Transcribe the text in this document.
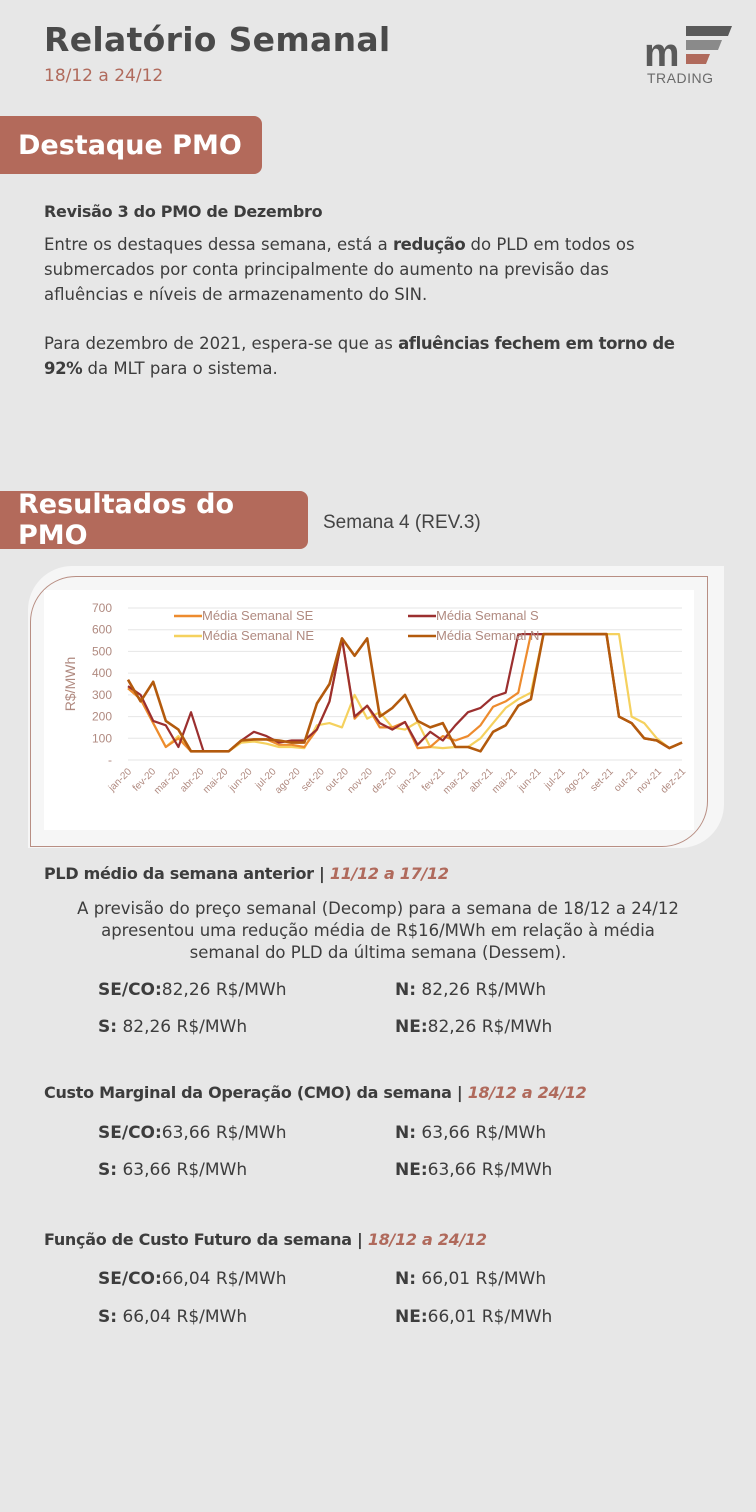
Relatório Semanal
18/12 a 24/12
m
TRADING
Destaque PMO
Revisão 3 do PMO de Dezembro
Entre os destaques dessa semana, está a redução do PLD em todos os submercados por conta principalmente do aumento na previsão das afluências e níveis de armazenamento do SIN.
Para dezembro de 2021, espera-se que as afluências fechem em torno de 92% da MLT para o sistema.
Resultados do PMO	Semana 4 (REV.3)
-
100
200
300
400
500
600
700
R$/MWh
jan-20
fev-20
mar-20
abr-20
mai-20
jun-20 jul-20
ago-20
set-20
out-20
nov-20
dez-20
jan-21
fev-21
mar-21
abr-21
mai-21
jun-21 jul-21
ago-21
set-21
out-21
nov-21
dez-21
Média Semanal SE	Média Semanal S
Média Semanal NE	Média Semanal N
PLD médio da semana anterior | 11/12 a 17/12
A previsão do preço semanal (Decomp) para a semana de 18/12 a 24/12 apresentou uma redução média de R$16/MWh em relação à média semanal do PLD da última semana (Dessem).
SE/CO:82,26 R$/MWh	N: 82,26 R$/MWh
S: 82,26 R$/MWh	NE:82,26 R$/MWh
Custo Marginal da Operação (CMO) da semana | 18/12 a 24/12
SE/CO:63,66 R$/MWh	N: 63,66 R$/MWh
S: 63,66 R$/MWh	NE:63,66 R$/MWh
Função de Custo Futuro da semana | 18/12 a 24/12
SE/CO:66,04 R$/MWh	N: 66,01 R$/MWh
S: 66,04 R$/MWh	NE:66,01 R$/MWh
